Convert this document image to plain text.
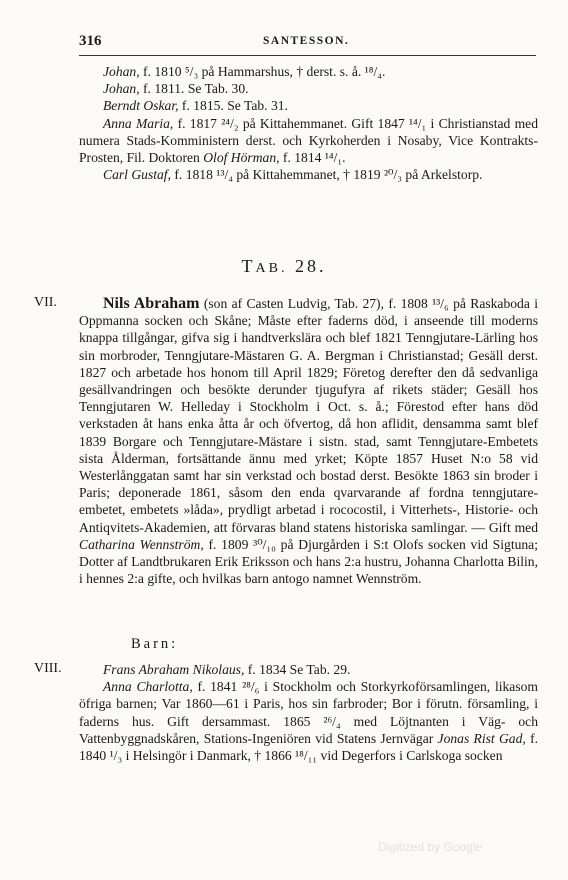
316	SANTESSON.

Johan, f. 1810 ⁵/₃ på Hammarshus, † derst. s. å. ¹⁸/₄.

Johan, f. 1811. Se Tab. 30.

Berndt Oskar, f. 1815. Se Tab. 31.

Anna Maria, f. 1817 ²⁴/₂ på Kittahemmanet. Gift 1847 ¹⁴/₁ i Christianstad med numera Stads-Komministern derst. och Kyrkoherden i Nosaby, Vice Kontrakts-Prosten, Fil. Doktoren Olof Hörman, f. 1814 ¹⁴/₁.

Carl Gustaf, f. 1818 ¹³/₄ på Kittahemmanet, † 1819 ²⁰/₃ på Arkelstorp.

TAB. 28.
VII.	Nils Abraham (son af Casten Ludvig, Tab. 27), f. 1808 ¹³/₆ på Raskaboda i Oppmanna socken och Skåne; Måste efter faderns död, i anseende till moderns knappa tillgångar, gifva sig i handtverkslära och blef 1821 Tenngjutare-Lärling hos sin morbroder, Tenngjutare-Mästaren G. A. Bergman i Christianstad; Gesäll derst. 1827 och arbetade hos honom till April 1829; Företog derefter den då sedvanliga gesällvandringen och besökte derunder tjugufyra af rikets städer; Gesäll hos Tenngjutaren W. Helleday i Stockholm i Oct. s. å.; Förestod efter hans död verkstaden åt hans enka åtta år och öfvertog, då hon aflidit, densamma samt blef 1839 Borgare och Tenngjutare-Mästare i sistn. stad, samt Tenngjutare-Embetets sista Ålderman, fortsättande ännu med yrket; Köpte 1857 Huset N:o 58 vid Westerlånggatan samt har sin verkstad och bostad derst. Besökte 1863 sin broder i Paris; deponerade 1861, såsom den enda qvarvarande af fordna tenngjutare-embetet, embetets »låda», prydligt arbetad i rococostil, i Vitterhets-, Historie- och Antiqvitets-Akademien, att förvaras bland statens historiska samlingar. — Gift med Catharina Wennström, f. 1809 ³⁰/₁₀ på Djurgården i S:t Olofs socken vid Sigtuna; Dotter af Landtbrukaren Erik Eriksson och hans 2:a hustru, Johanna Charlotta Bilin, i hennes 2:a gifte, och hvilkas barn antogo namnet Wennström.

Barn:
VIII.	Frans Abraham Nikolaus, f. 1834 Se Tab. 29.

Anna Charlotta, f. 1841 ²⁸/₆ i Stockholm och Storkyrkoförsamlingen, likasom öfriga barnen; Var 1860—61 i Paris, hos sin farbroder; Bor i förutn. församling, i faderns hus. Gift dersammast. 1865 ²⁶/₄ med Löjtnanten i Väg- och Vattenbyggnadskåren, Stations-Ingeniören vid Statens Jernvägar Jonas Rist Gad, f. 1840 ¹/₃ i Helsingör i Danmark, † 1866 ¹⁸/₁₁ vid Degerfors i Carlskoga socken

Digitized by Google
